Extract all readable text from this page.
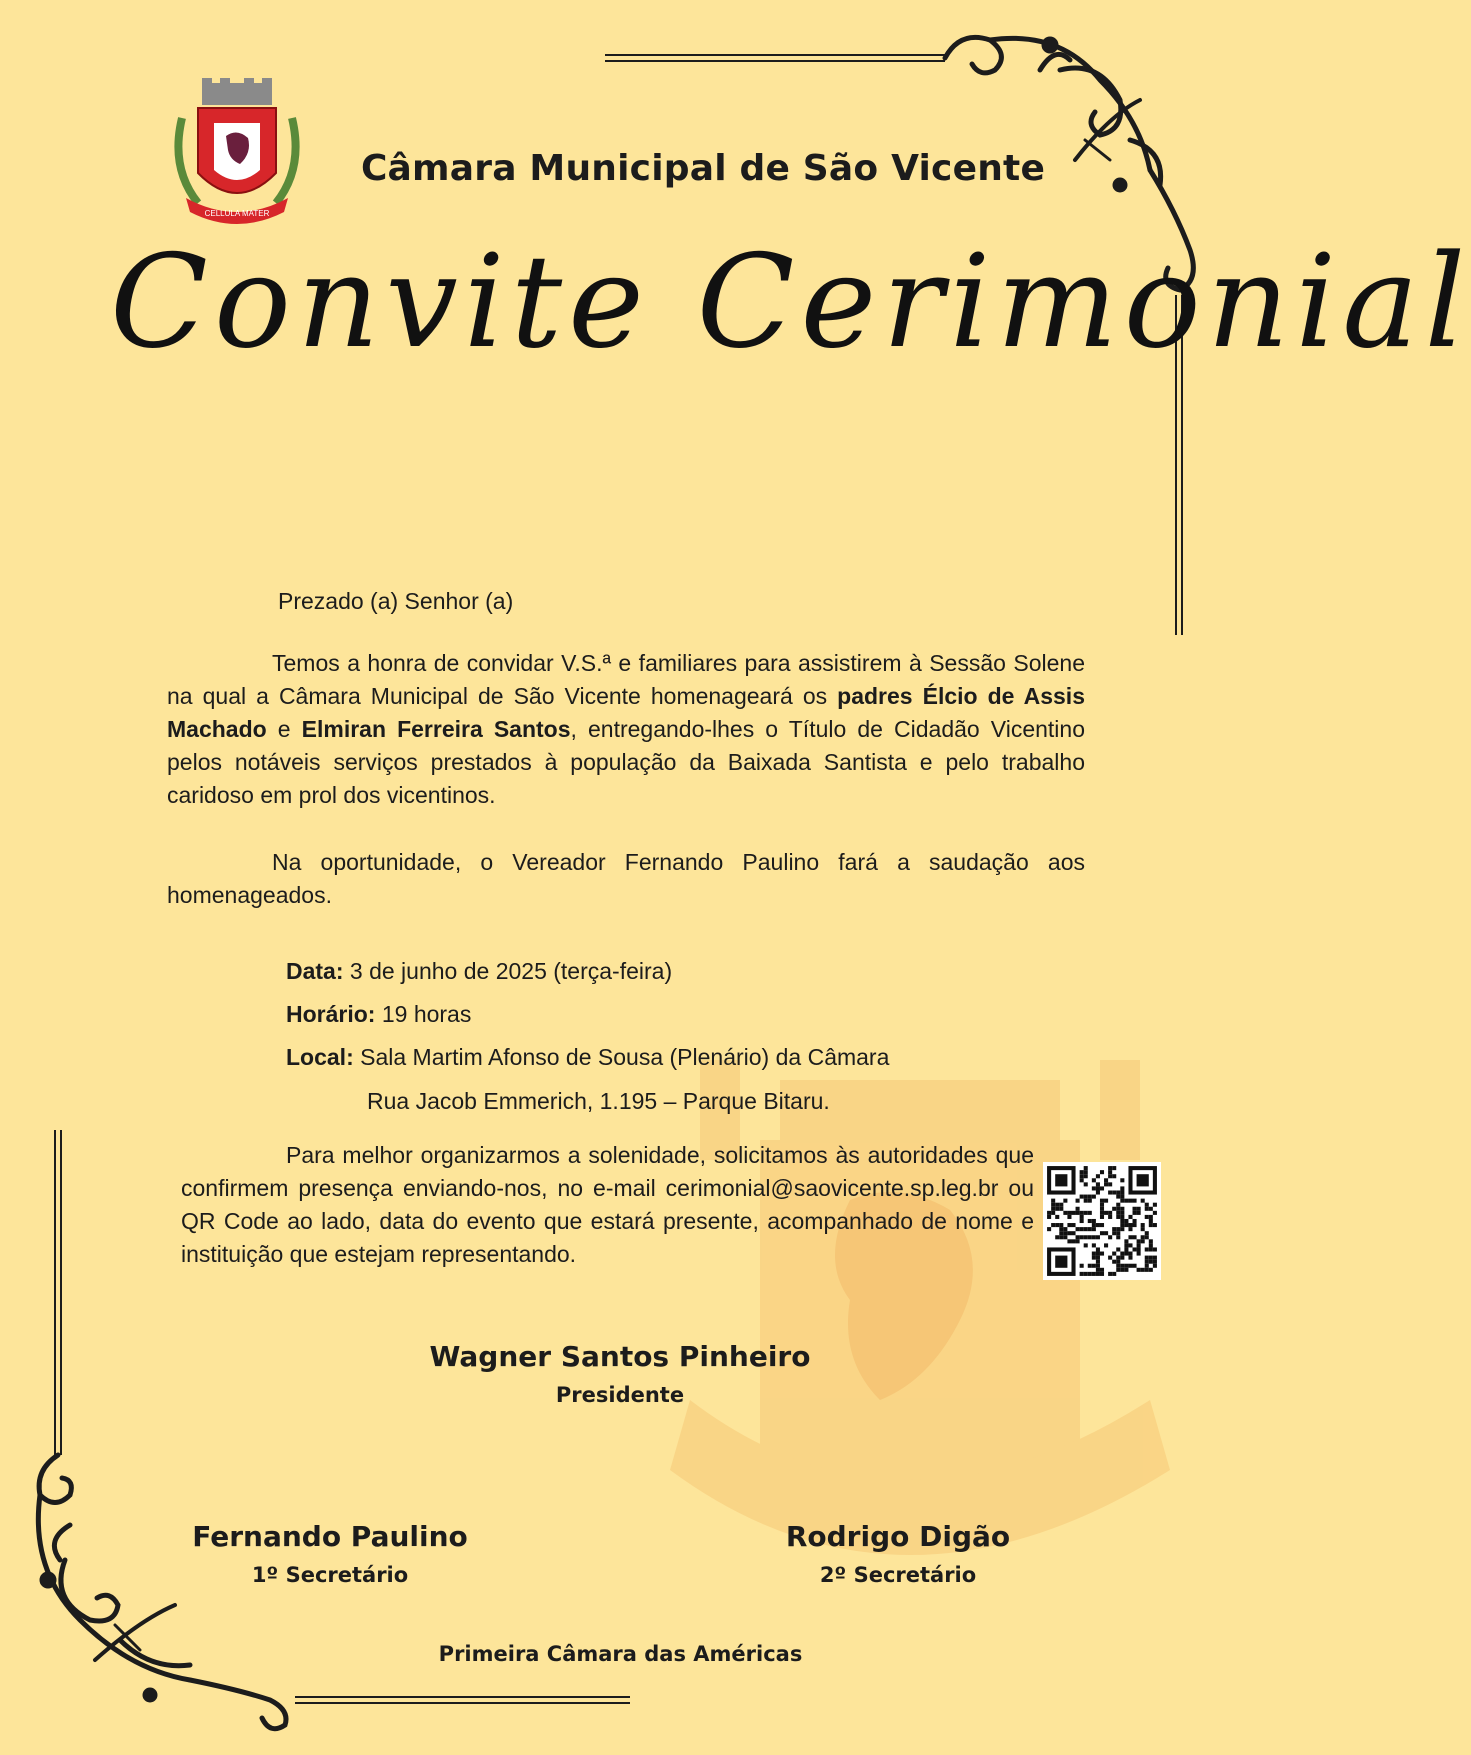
CELLULA MATER
Câmara Municipal de São Vicente
Convite Cerimonial
Prezado (a) Senhor (a)
Temos a honra de convidar V.S.ª e familiares para assistirem à Sessão Solene na qual a Câmara Municipal de São Vicente homenageará os padres Élcio de Assis Machado e Elmiran Ferreira Santos, entregando-lhes o Título de Cidadão Vicentino pelos notáveis serviços prestados à população da Baixada Santista e pelo trabalho caridoso em prol dos vicentinos.
Na oportunidade, o Vereador Fernando Paulino fará a saudação aos homenageados.
Data: 3 de junho de 2025 (terça-feira)
Horário: 19 horas
Local: Sala Martim Afonso de Sousa (Plenário) da Câmara
Rua Jacob Emmerich, 1.195 – Parque Bitaru.
Para melhor organizarmos a solenidade, solicitamos às autoridades que confirmem presença enviando-nos, no e-mail cerimonial@saovicente.sp.leg.br ou QR Code ao lado, data do evento que estará presente, acompanhado de nome e instituição que estejam representando.
Wagner Santos Pinheiro
Presidente
Fernando Paulino
1º Secretário
Rodrigo Digão
2º Secretário
Primeira Câmara das Américas
